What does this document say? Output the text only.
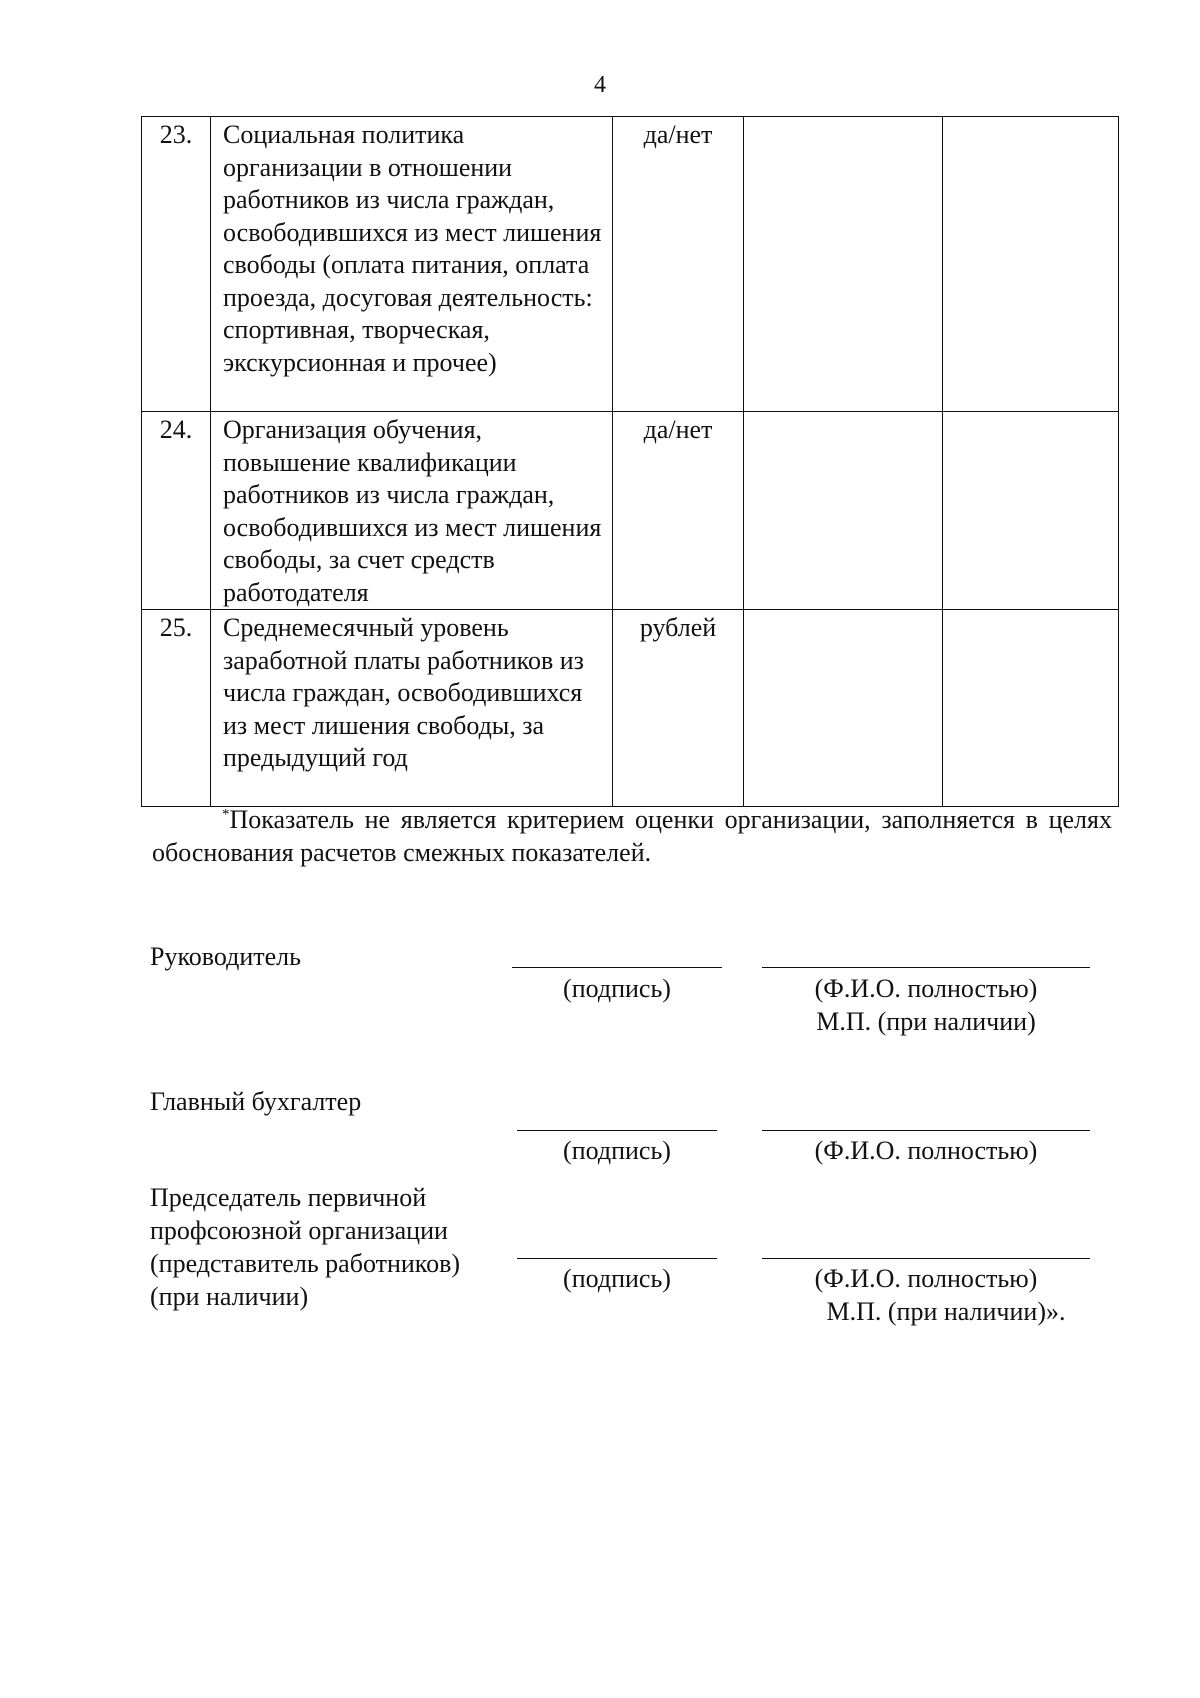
4
23.	Социальная политика организации в отношении работников из числа граждан, освободившихся из мест лишения свободы (оплата питания, оплата проезда, досуговая деятельность: спортивная, творческая, экскурсионная и прочее)	да/нет		
24.	Организация обучения, повышение квалификации работников из числа граждан, освободившихся из мест лишения свободы, за счет средств работодателя	да/нет		
25.	Среднемесячный уровень заработной платы работников из числа граждан, освободившихся из мест лишения свободы, за предыдущий год	рублей		
*Показатель не является критерием оценки организации, заполняется в целях обоснования расчетов смежных показателей.
Руководитель
(подпись)	(Ф.И.О. полностью)
М.П. (при наличии)
Главный бухгалтер
(подпись)	(Ф.И.О. полностью)
Председатель первичной профсоюзной организации (представитель работников) (при наличии)
(подпись)	(Ф.И.О. полностью)
М.П. (при наличии)».
